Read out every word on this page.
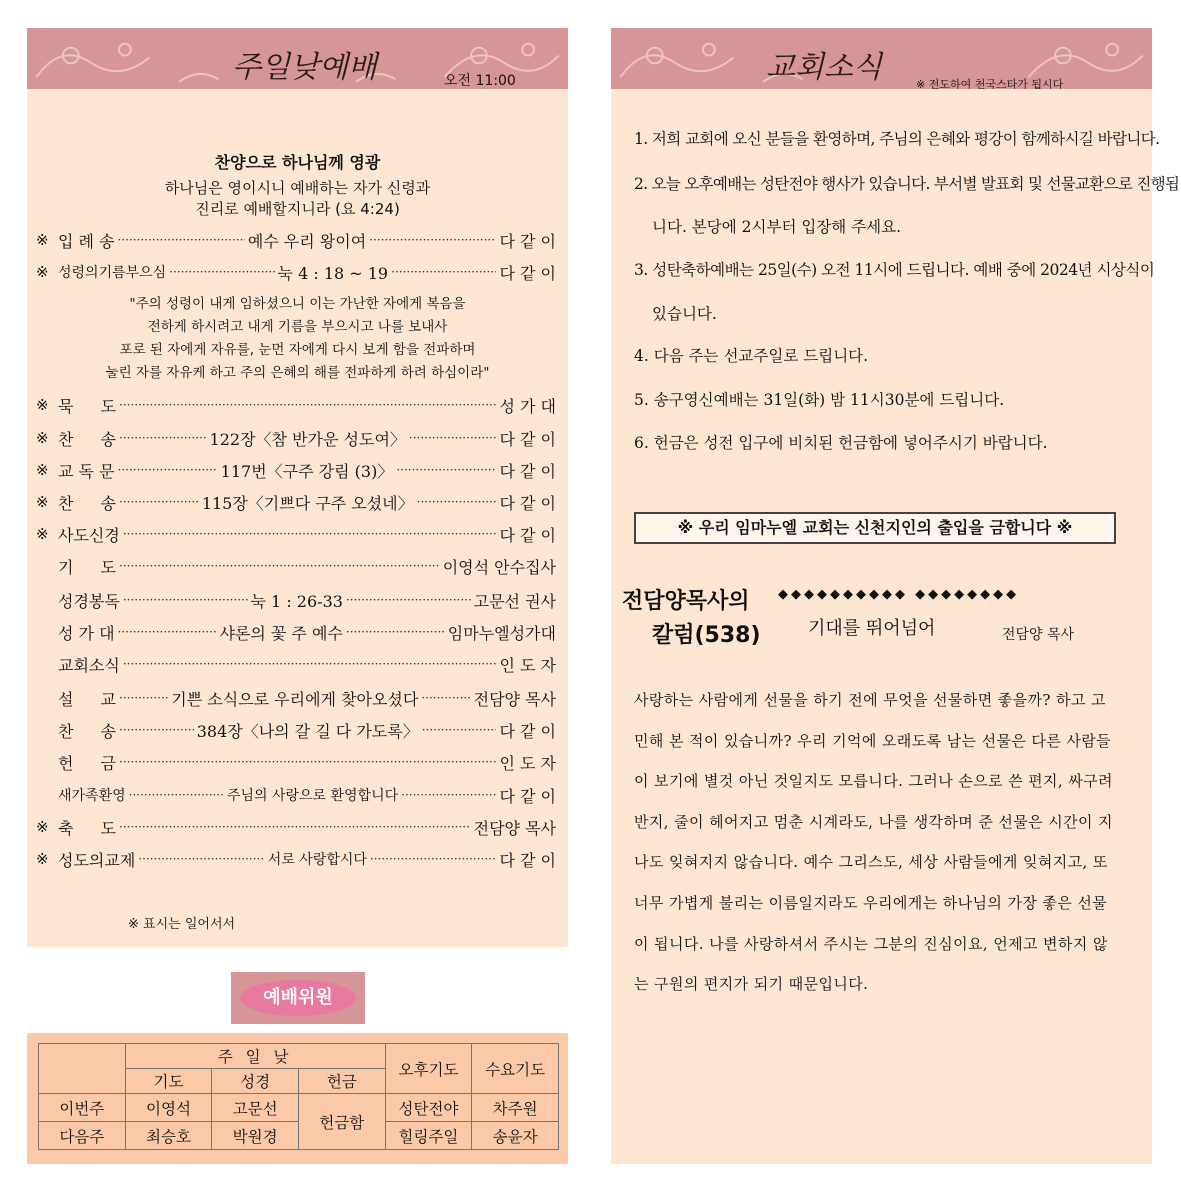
주일낮예배	오전 11:00
찬양으로 하나님께 영광
하나님은 영이시니 예배하는 자가 신령과
진리로 예배할지니라 (요 4:24)
※ 입 례 송 ·····	예수 우리 왕이여 ·····	다 같 이
※ 성령의기름부으심 ·····	눅 4 : 18 ~ 19 ·····	다 같 이
"주의 성령이 내게 임하셨으니 이는 가난한 자에게 복음을
전하게 하시려고 내게 기름을 부으시고 나를 보내사
포로 된 자에게 자유를, 눈먼 자에게 다시 보게 함을 전파하며
눌린 자를 자유케 하고 주의 은혜의 해를 전파하게 하려 하심이라"
※ 묵 도 ·····	성 가 대
※ 찬 송 ·····	122장〈참 반가운 성도여〉 ·····	다 같 이
※ 교 독 문 ·····	117번〈구주 강림 (3)〉 ·····	다 같 이
※ 찬 송 ·····	115장〈기쁘다 구주 오셨네〉 ·····	다 같 이
※ 사도신경 ·····	다 같 이
기 도 ·····	이영석 안수집사
성경봉독 ·····	눅 1 : 26-33 ·····	고문선 권사
성 가 대 ·····	샤론의 꽃 주 예수 ·····	임마누엘성가대
교회소식 ·····	인 도 자
설 교 ·····	기쁜 소식으로 우리에게 찾아오셨다 ·····	전담양 목사
찬 송 ·····	384장〈나의 갈 길 다 가도록〉 ·····	다 같 이
헌 금 ·····	인 도 자
새가족환영 ·····	주님의 사랑으로 환영합니다 ·····	다 같 이
※ 축 도 ·····	전담양 목사
※ 성도의교제 ·····	서로 사랑합시다 ·····	다 같 이
※ 표시는 일어서서
예배위원
	주 일 낮			오후기도	수요기도
	기도	성경	헌금		
이번주	이영석	고문선	헌금함	성탄전야	차주원
다음주	최승호	박원경		힐링주일	송윤자
교회소식	※ 전도하여 천국스타가 됩시다
1. 저희 교회에 오신 분들을 환영하며, 주님의 은혜와 평강이 함께하시길 바랍니다.
2. 오늘 오후예배는 성탄전야 행사가 있습니다. 부서별 발표회 및 선물교환으로 진행됩
니다. 본당에 2시부터 입장해 주세요.
3. 성탄축하예배는 25일(수) 오전 11시에 드립니다. 예배 중에 2024년 시상식이
있습니다.
4. 다음 주는 선교주일로 드립니다.
5. 송구영신예배는 31일(화) 밤 11시30분에 드립니다.
6. 헌금은 성전 입구에 비치된 헌금함에 넣어주시기 바랍니다.
※ 우리 임마누엘 교회는 신천지인의 출입을 금합니다 ※
전담양목사의
칼럼(538)
◆◆◆◆◆◆◆◆◆◆ ◆◆◆◆◆◆◆◆
기대를 뛰어넘어	전담양 목사
사랑하는 사람에게 선물을 하기 전에 무엇을 선물하면 좋을까? 하고 고
민해 본 적이 있습니까? 우리 기억에 오래도록 남는 선물은 다른 사람들
이 보기에 별것 아닌 것일지도 모릅니다. 그러나 손으로 쓴 편지, 싸구려
반지, 줄이 헤어지고 멈춘 시계라도, 나를 생각하며 준 선물은 시간이 지
나도 잊혀지지 않습니다. 예수 그리스도, 세상 사람들에게 잊혀지고, 또
너무 가볍게 불리는 이름일지라도 우리에게는 하나님의 가장 좋은 선물
이 됩니다. 나를 사랑하셔서 주시는 그분의 진심이요, 언제고 변하지 않
는 구원의 편지가 되기 때문입니다.
